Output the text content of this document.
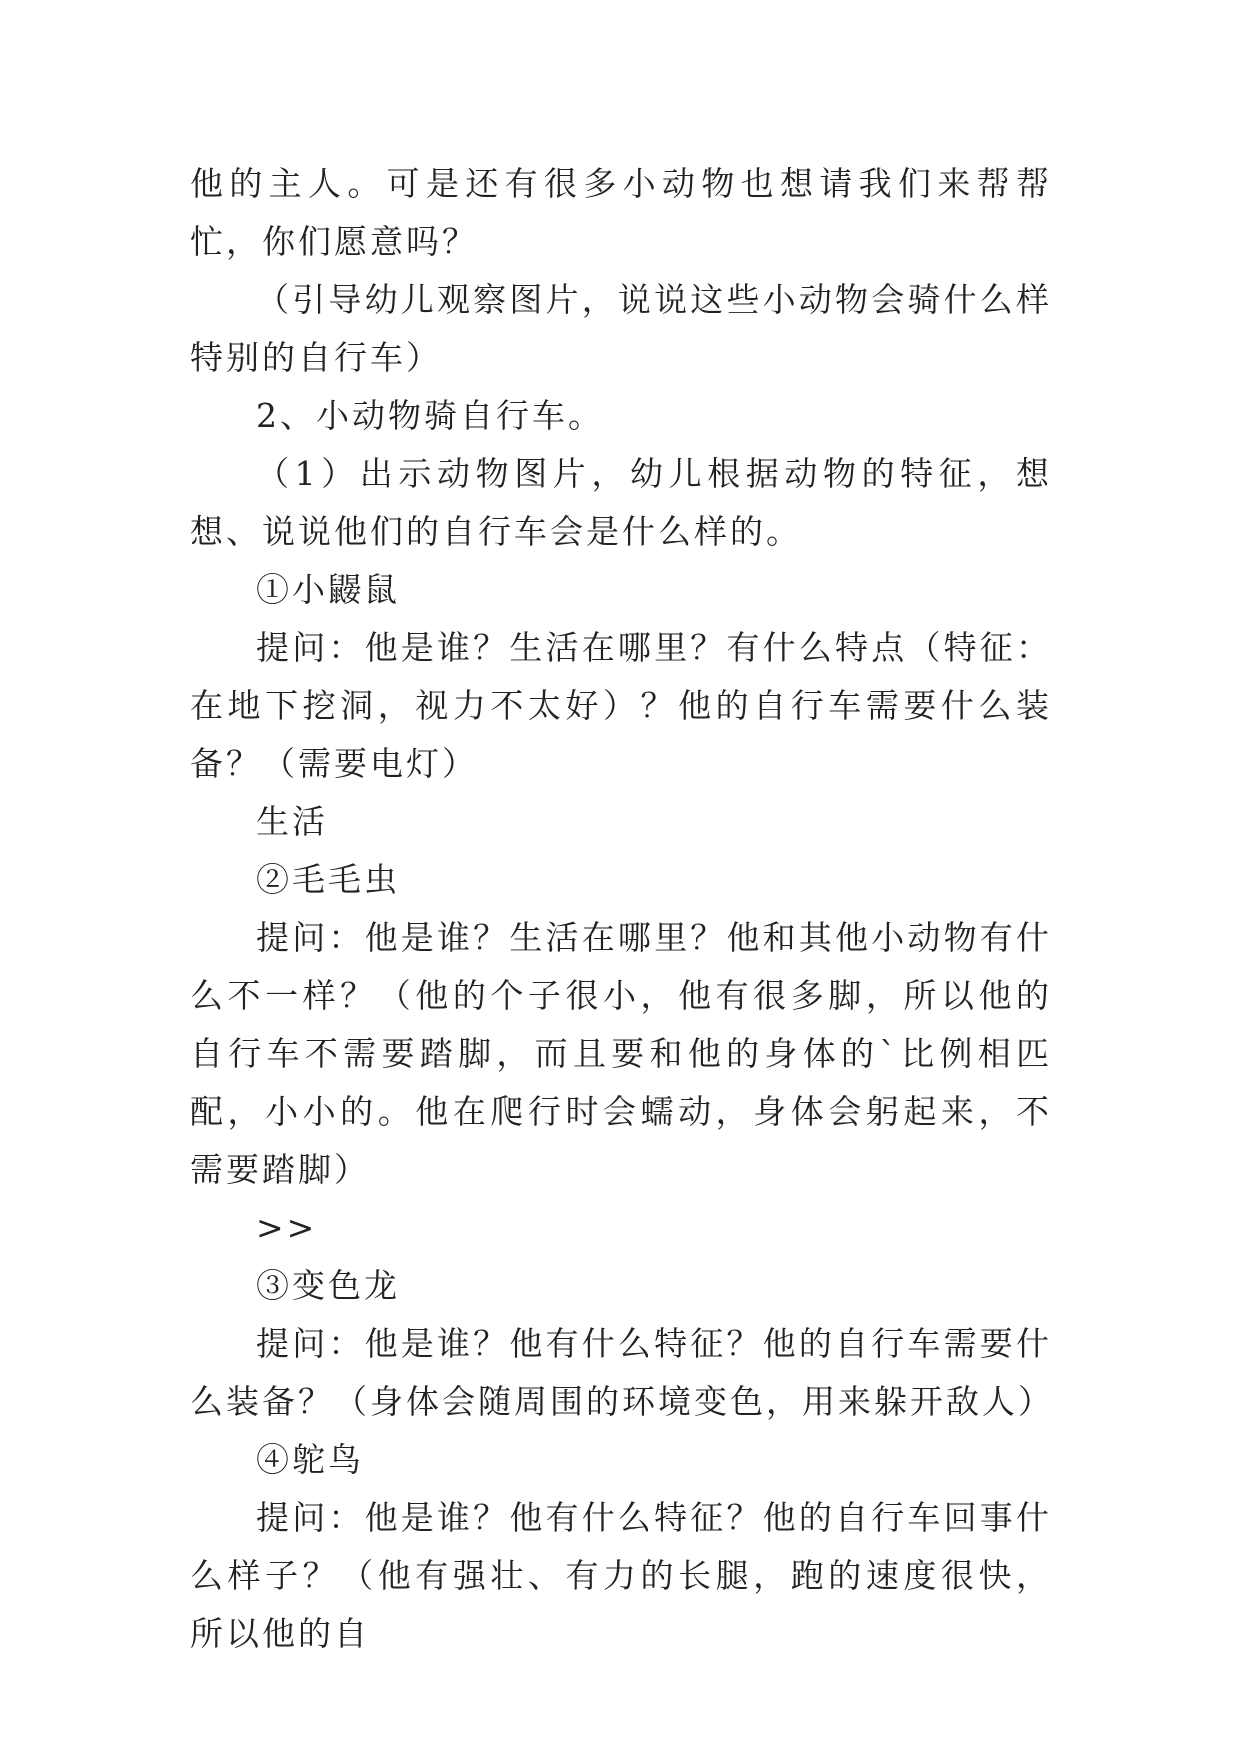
他的主人。可是还有很多小动物也想请我们来帮帮忙，你们愿意吗？

（引导幼儿观察图片，说说这些小动物会骑什么样特别的自行车）

2、小动物骑自行车。

（1）出示动物图片，幼儿根据动物的特征，想想、说说他们的自行车会是什么样的。

①小鼹鼠

提问：他是谁？生活在哪里？有什么特点（特征：在地下挖洞，视力不太好）？他的自行车需要什么装备？（需要电灯）

生活

②毛毛虫

提问：他是谁？生活在哪里？他和其他小动物有什么不一样？（他的个子很小，他有很多脚，所以他的自行车不需要踏脚，而且要和他的身体的`比例相匹配，小小的。他在爬行时会蠕动，身体会躬起来，不需要踏脚）

>>

③变色龙

提问：他是谁？他有什么特征？他的自行车需要什么装备？（身体会随周围的环境变色，用来躲开敌人）

④鸵鸟

提问：他是谁？他有什么特征？他的自行车回事什么样子？（他有强壮、有力的长腿，跑的速度很快，所以他的自
